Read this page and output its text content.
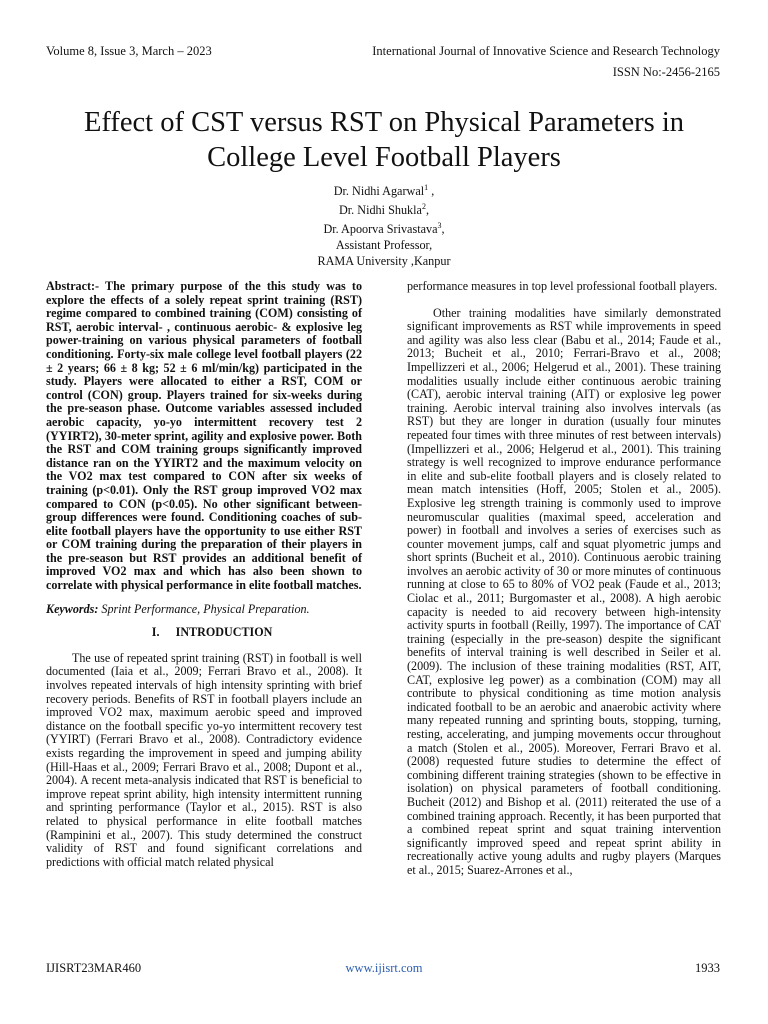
Volume 8, Issue 3, March – 2023	International Journal of Innovative Science and Research Technology
ISSN No:-2456-2165
Effect of CST versus RST on Physical Parameters in
College Level Football Players
Dr. Nidhi Agarwal$^1$ ,
Dr. Nidhi Shukla$^2$,
Dr. Apoorva Srivastava$^3$,
Assistant Professor,
RAMA University ,Kanpur

Abstract:- The primary purpose of the this study was to explore the effects of a solely repeat sprint training (RST) regime compared to combined training (COM) consisting of RST, aerobic interval- , continuous aerobic- & explosive leg power-training on various physical parameters of football conditioning. Forty-six male college level football players (22 ± 2 years; 66 ± 8 kg; 52 ± 6 ml/min/kg) participated in the study. Players were allocated to either a RST, COM or control (CON) group. Players trained for six-weeks during the pre-season phase. Outcome variables assessed included aerobic capacity, yo-yo intermittent recovery test 2 (YYIRT2), 30-meter sprint, agility and explosive power. Both the RST and COM training groups significantly improved distance ran on the YYIRT2 and the maximum velocity on the VO2 max test compared to CON after six weeks of training (p<0.01). Only the RST group improved VO2 max compared to CON (p<0.05). No other significant between-group differences were found. Conditioning coaches of sub-elite football players have the opportunity to use either RST or COM training during the preparation of their players in the pre-season but RST provides an additional benefit of improved VO2 max and which has also been shown to correlate with physical performance in elite football matches.

Keywords: Sprint Performance, Physical Preparation.

I. INTRODUCTION

The use of repeated sprint training (RST) in football is well documented (Iaia et al., 2009; Ferrari Bravo et al., 2008). It involves repeated intervals of high intensity sprinting with brief recovery periods. Benefits of RST in football players include an improved VO2 max, maximum aerobic speed and improved distance on the football specific yo-yo intermittent recovery test (YYIRT) (Ferrari Bravo et al., 2008). Contradictory evidence exists regarding the improvement in speed and jumping ability (Hill-Haas et al., 2009; Ferrari Bravo et al., 2008; Dupont et al., 2004). A recent meta-analysis indicated that RST is beneficial to improve repeat sprint ability, high intensity intermittent running and sprinting performance (Taylor et al., 2015). RST is also related to physical performance in elite football matches (Rampinini et al., 2007). This study determined the construct validity of RST and found significant correlations and predictions with official match related physical

performance measures in top level professional football players.

Other training modalities have similarly demonstrated significant improvements as RST while improvements in speed and agility was also less clear (Babu et al., 2014; Faude et al., 2013; Bucheit et al., 2010; Ferrari-Bravo et al., 2008; Impellizzeri et al., 2006; Helgerud et al., 2001). These training modalities usually include either continuous aerobic training (CAT), aerobic interval training (AIT) or explosive leg power training. Aerobic interval training also involves intervals (as RST) but they are longer in duration (usually four minutes repeated four times with three minutes of rest between intervals) (Impellizzeri et al., 2006; Helgerud et al., 2001). This training strategy is well recognized to improve endurance performance in elite and sub-elite football players and is closely related to mean match intensities (Hoff, 2005; Stolen et al., 2005). Explosive leg strength training is commonly used to improve neuromuscular qualities (maximal speed, acceleration and power) in football and involves a series of exercises such as counter movement jumps, calf and squat plyometric jumps and short sprints (Bucheit et al., 2010). Continuous aerobic training involves an aerobic activity of 30 or more minutes of continuous running at close to 65 to 80% of VO2 peak (Faude et al., 2013; Ciolac et al., 2011; Burgomaster et al., 2008). A high aerobic capacity is needed to aid recovery between high-intensity activity spurts in football (Reilly, 1997). The importance of CAT training (especially in the pre-season) despite the significant benefits of interval training is well described in Seiler et al. (2009). The inclusion of these training modalities (RST, AIT, CAT, explosive leg power) as a combination (COM) may all contribute to physical conditioning as time motion analysis indicated football to be an aerobic and anaerobic activity where many repeated running and sprinting bouts, stopping, turning, resting, accelerating, and jumping movements occur throughout a match (Stolen et al., 2005). Moreover, Ferrari Bravo et al. (2008) requested future studies to determine the effect of combining different training strategies (shown to be effective in isolation) on physical parameters of football conditioning. Bucheit (2012) and Bishop et al. (2011) reiterated the use of a combined training approach. Recently, it has been purported that a combined repeat sprint and squat training intervention significantly improved speed and repeat sprint ability in recreationally active young adults and rugby players (Marques et al., 2015; Suarez-Arrones et al.,

IJISRT23MAR460	www.ijisrt.com	1933
